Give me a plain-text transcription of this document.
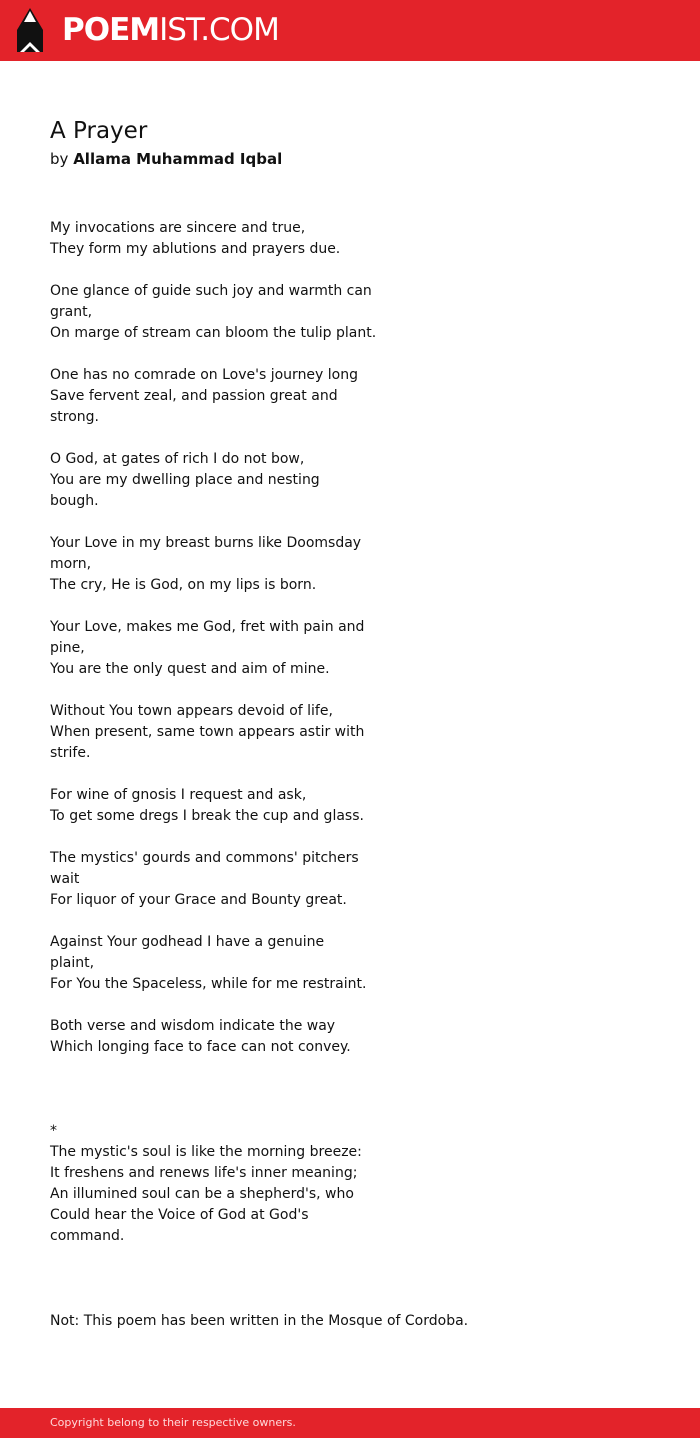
POEMIST.COM
A Prayer
by Allama Muhammad Iqbal
My invocations are sincere and true,
They form my ablutions and prayers due.
One glance of guide such joy and warmth can
grant,
On marge of stream can bloom the tulip plant.
One has no comrade on Love's journey long
Save fervent zeal, and passion great and
strong.
O God, at gates of rich I do not bow,
You are my dwelling place and nesting
bough.
Your Love in my breast burns like Doomsday
morn,
The cry, He is God, on my lips is born.
Your Love, makes me God, fret with pain and
pine,
You are the only quest and aim of mine.
Without You town appears devoid of life,
When present, same town appears astir with
strife.
For wine of gnosis I request and ask,
To get some dregs I break the cup and glass.
The mystics' gourds and commons' pitchers
wait
For liquor of your Grace and Bounty great.
Against Your godhead I have a genuine
plaint,
For You the Spaceless, while for me restraint.
Both verse and wisdom indicate the way
Which longing face to face can not convey.
*
The mystic's soul is like the morning breeze:
It freshens and renews life's inner meaning;
An illumined soul can be a shepherd's, who
Could hear the Voice of God at God's
command.
Not: This poem has been written in the Mosque of Cordoba.
Copyright belong to their respective owners.
